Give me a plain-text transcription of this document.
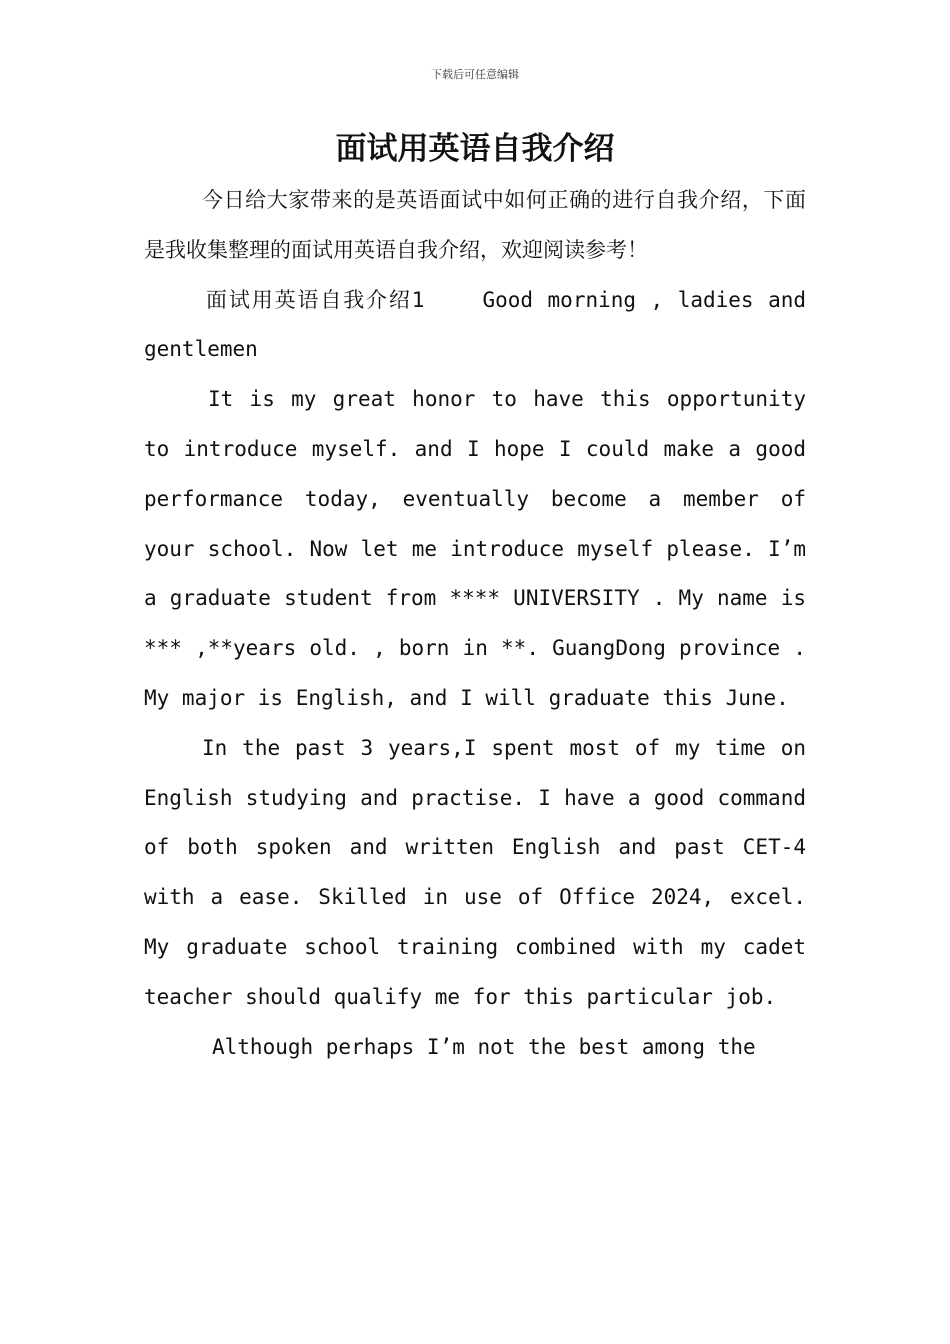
下载后可任意编辑
面试用英语自我介绍

今日给大家带来的是英语面试中如何正确的进行自我介绍，下面是我收集整理的面试用英语自我介绍，欢迎阅读参考！

面试用英语自我介绍1    Good morning , ladies and gentlemen

It is my great honor to have this opportunity to introduce myself. and I hope I could make a good performance today, eventually become a member of your school. Now let me introduce myself please. I’m a graduate student from **** UNIVERSITY . My name is *** ,**years old. , born in **. GuangDong province . My major is English, and I will graduate this June.

In the past 3 years,I spent most of my time on English studying and practise. I have a good command of both spoken and written English and past CET-4 with a ease. Skilled in use of Office 2024, excel. My graduate school training combined with my cadet teacher should qualify me for this particular job.

Although perhaps I’m not the best among the
